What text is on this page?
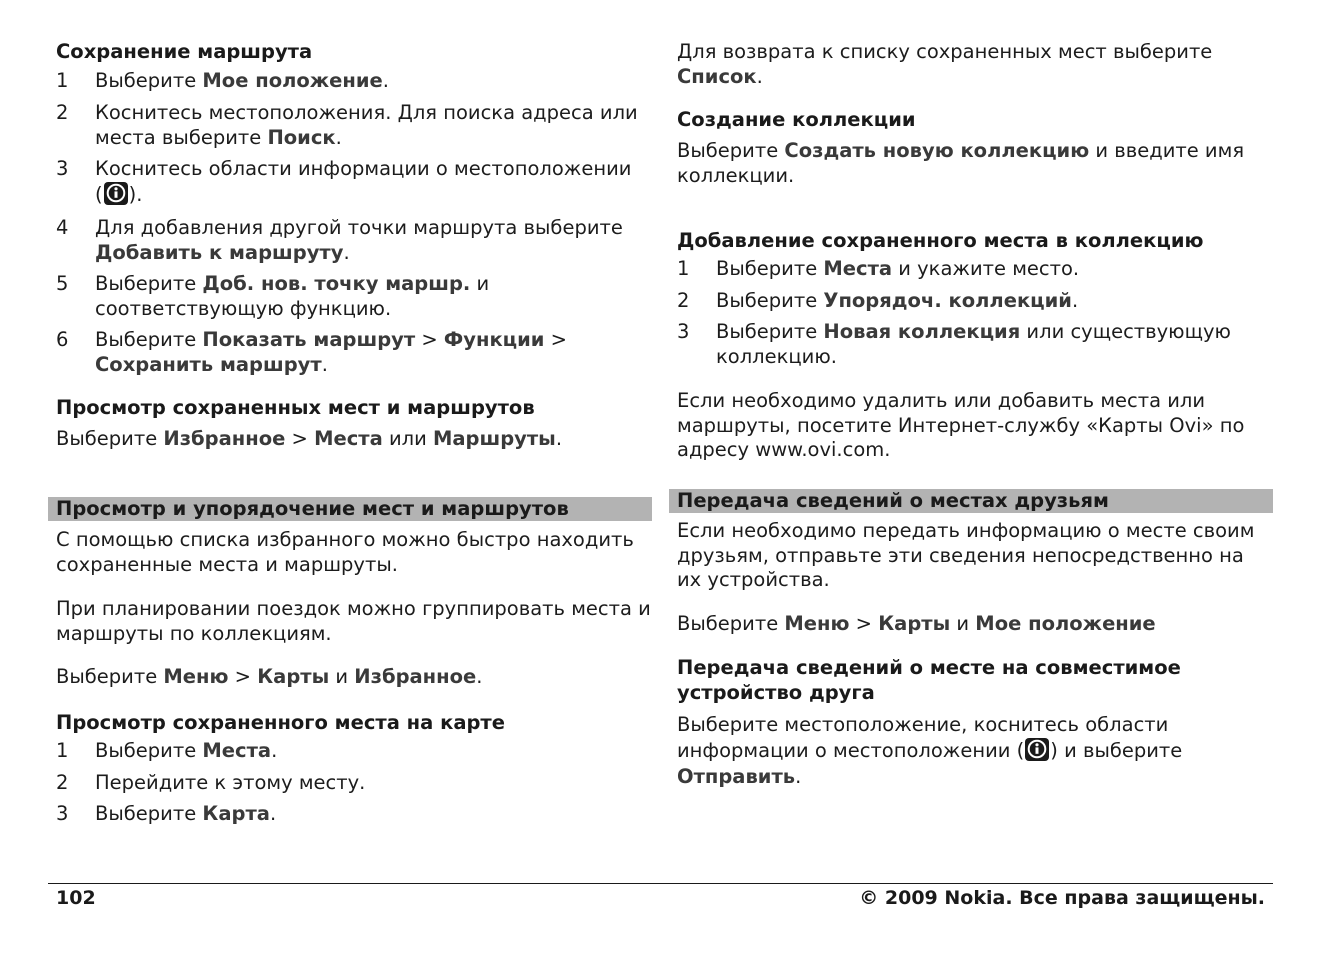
Сохранение маршрута
1 Выберите Мое положение.
2 Коснитесь местоположения. Для поиска адреса или места выберите Поиск.
3 Коснитесь области информации о местоположении
( ).
4 Для добавления другой точки маршрута выберите
Добавить к маршруту.
5 Выберите Доб. нов. точку маршр. и соответствующую функцию.
6 Выберите Показать маршрут > Функции >
Сохранить маршрут.
Просмотр сохраненных мест и маршрутов
Выберите Избранное > Места или Маршруты.
Просмотр и упорядочение мест и маршрутов
С помощью списка избранного можно быстро находить сохраненные места и маршруты.
При планировании поездок можно группировать места и маршруты по коллекциям.
Выберите Меню > Карты и Избранное.
Просмотр сохраненного места на карте
1 Выберите Места.
2 Перейдите к этому месту.
3 Выберите Карта.
Для возврата к списку сохраненных мест выберите Список.
Создание коллекции
Выберите Создать новую коллекцию и введите имя коллекции.
Добавление сохраненного места в коллекцию
1 Выберите Места и укажите место.
2 Выберите Упорядоч. коллекций.
3 Выберите Новая коллекция или существующую коллекцию.
Если необходимо удалить или добавить места или маршруты, посетите Интернет-службу «Карты Ovi» по адресу www.ovi.com.
Передача сведений о местах друзьям
Если необходимо передать информацию о месте своим друзьям, отправьте эти сведения непосредственно на их устройства.
Выберите Меню > Карты и Мое положение
Передача сведений о месте на совместимое устройство друга
Выберите местоположение, коснитесь области
информации о местоположении ( ) и выберите
Отправить.
102	© 2009 Nokia. Все права защищены.
